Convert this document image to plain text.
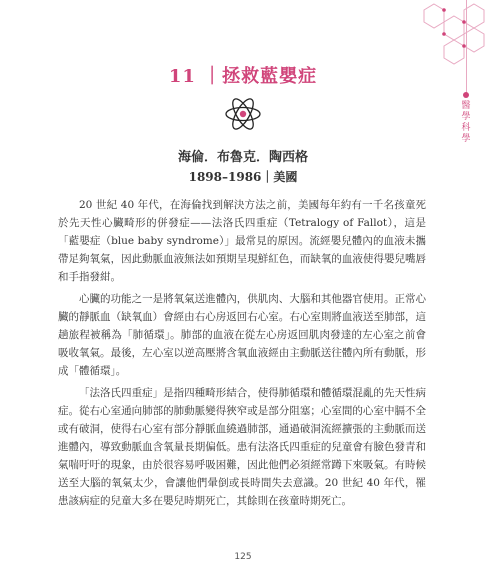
醫學科學
11 ｜拯救藍嬰症
海倫．布魯克．陶西格
1898–1986｜美國

20 世紀 40 年代，在海倫找到解決方法之前，美國每年約有一千名孩童死於先天性心臟畸形的併發症——法洛氏四重症（Tetralogy of Fallot），這是「藍嬰症（blue baby syndrome）」最常見的原因。流經嬰兒體內的血液未攜帶足夠氧氣，因此動脈血液無法如預期呈現鮮紅色，而缺氧的血液使得嬰兒嘴唇和手指發紺。

心臟的功能之一是將氧氣送進體內，供肌肉、大腦和其他器官使用。正常心臟的靜脈血（缺氧血）會經由右心房返回右心室。右心室則將血液送至肺部，這趟旅程被稱為「肺循環」。肺部的血液在從左心房返回肌肉發達的左心室之前會吸收氧氣。最後，左心室以逆高壓將含氧血液經由主動脈送往體內所有動脈，形成「體循環」。

「法洛氏四重症」是指四種畸形結合，使得肺循環和體循環混亂的先天性病症。從右心室通向肺部的肺動脈變得狹窄或是部分阻塞；心室間的心室中膈不全或有破洞，使得右心室有部分靜脈血繞過肺部，通過破洞流經擴張的主動脈而送進體內，導致動脈血含氧量長期偏低。患有法洛氏四重症的兒童會有臉色發青和氣喘吁吁的現象，由於很容易呼吸困難，因此他們必須經常蹲下來吸氣。有時候送至大腦的氧氣太少，會讓他們暈倒或長時間失去意識。20 世紀 40 年代，罹患該病症的兒童大多在嬰兒時期死亡，其餘則在孩童時期死亡。

125
